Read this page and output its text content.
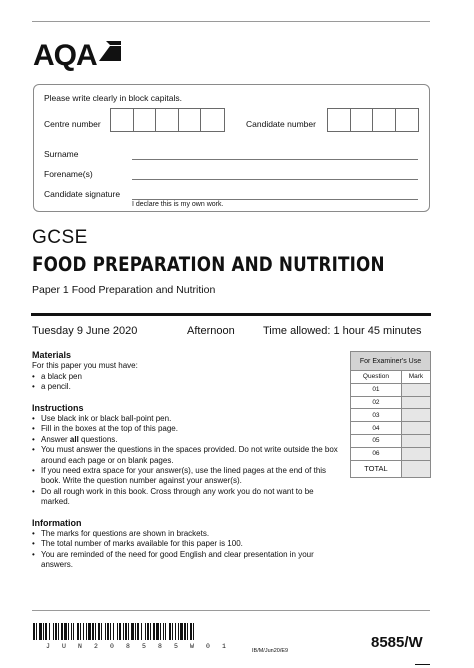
AQA
Please write clearly in block capitals.
Centre number	Candidate number
Surname
Forename(s)
Candidate signature
I declare this is my own work.
GCSE
FOOD PREPARATION AND NUTRITION
Paper 1 Food Preparation and Nutrition
Tuesday 9 June 2020	Afternoon	Time allowed: 1 hour 45 minutes
Materials
For this paper you must have:
• a black pen
• a pencil.
Instructions
• Use black ink or black ball-point pen.
• Fill in the boxes at the top of this page.
• Answer all questions.
• You must answer the questions in the spaces provided. Do not write outside the box around each page or on blank pages.
• If you need extra space for your answer(s), use the lined pages at the end of this book. Write the question number against your answer(s).
• Do all rough work in this book. Cross through any work you do not want to be marked.
Information
• The marks for questions are shown in brackets.
• The total number of marks available for this paper is 100.
• You are reminded of the need for good English and clear presentation in your answers.
For Examiner's Use	
Question	Mark
01	
02	
03	
04	
05	
06	
TOTAL	
J U N 2 0 8 5 8 5 W 0 1
IB/M/Jun20/E9	8585/W
